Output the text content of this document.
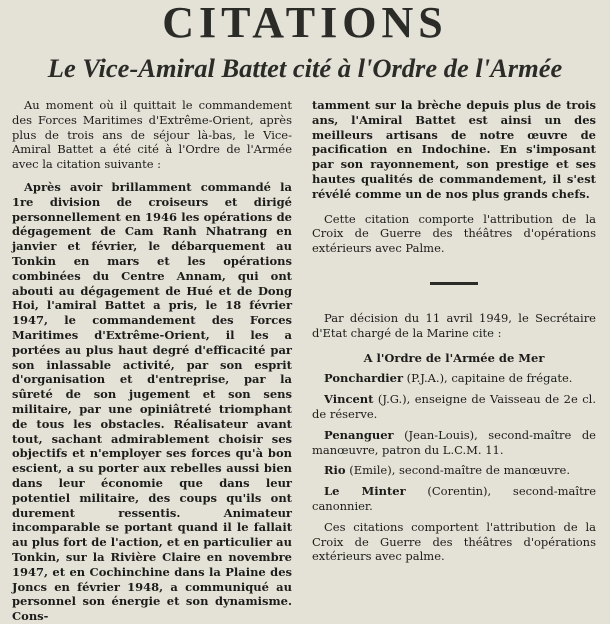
CITATIONS
Le Vice-Amiral Battet cité à l'Ordre de l'Armée

Au moment où il quittait le commandement des Forces Maritimes d'Extrême-Orient, après plus de trois ans de séjour là-bas, le Vice-Amiral Battet a été cité à l'Ordre de l'Armée avec la citation suivante :

Après avoir brillamment commandé la 1re division de croiseurs et dirigé personnellement en 1946 les opérations de dégagement de Cam Ranh Nhatrang en janvier et février, le débarquement au Tonkin en mars et les opérations combinées du Centre Annam, qui ont abouti au dégagement de Hué et de Dong Hoi, l'amiral Battet a pris, le 18 février 1947, le commandement des Forces Maritimes d'Extrême-Orient, il les a portées au plus haut degré d'efficacité par son inlassable activité, par son esprit d'organisation et d'entreprise, par la sûreté de son jugement et son sens militaire, par une opiniâtreté triomphant de tous les obstacles. Réalisateur avant tout, sachant admirablement choisir ses objectifs et n'employer ses forces qu'à bon escient, a su porter aux rebelles aussi bien dans leur économie que dans leur potentiel militaire, des coups qu'ils ont durement ressentis. Animateur incomparable se portant quand il le fallait au plus fort de l'action, et en particulier au Tonkin, sur la Rivière Claire en novembre 1947, et en Cochinchine dans la Plaine des Joncs en février 1948, a communiqué au personnel son énergie et son dynamisme. Cons-

tamment sur la brèche depuis plus de trois ans, l'Amiral Battet est ainsi un des meilleurs artisans de notre œuvre de pacification en Indochine. En s'imposant par son rayonnement, son prestige et ses hautes qualités de commandement, il s'est révélé comme un de nos plus grands chefs.

Cette citation comporte l'attribution de la Croix de Guerre des théâtres d'opérations extérieurs avec Palme.

Par décision du 11 avril 1949, le Secrétaire d'Etat chargé de la Marine cite :

A l'Ordre de l'Armée de Mer

Ponchardier (P.J.A.), capitaine de frégate.

Vincent (J.G.), enseigne de Vaisseau de 2e cl. de réserve.

Penanguer (Jean-Louis), second-maître de manœuvre, patron du L.C.M. 11.

Rio (Emile), second-maître de manœuvre.

Le Minter (Corentin), second-maître canonnier.

Ces citations comportent l'attribution de la Croix de Guerre des théâtres d'opérations extérieurs avec palme.
